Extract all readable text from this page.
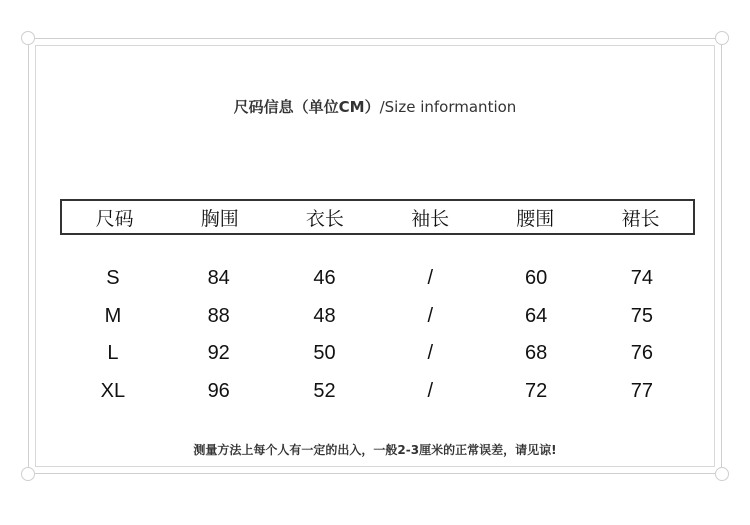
尺码信息（单位CM）/Size informantion
尺码	胸围	衣长	袖长	腰围	裙长
S	84	46	/	60	74
M	88	48	/	64	75
L	92	50	/	68	76
XL	96	52	/	72	77
测量方法上每个人有一定的出入，一般2-3厘米的正常误差，请见谅!
